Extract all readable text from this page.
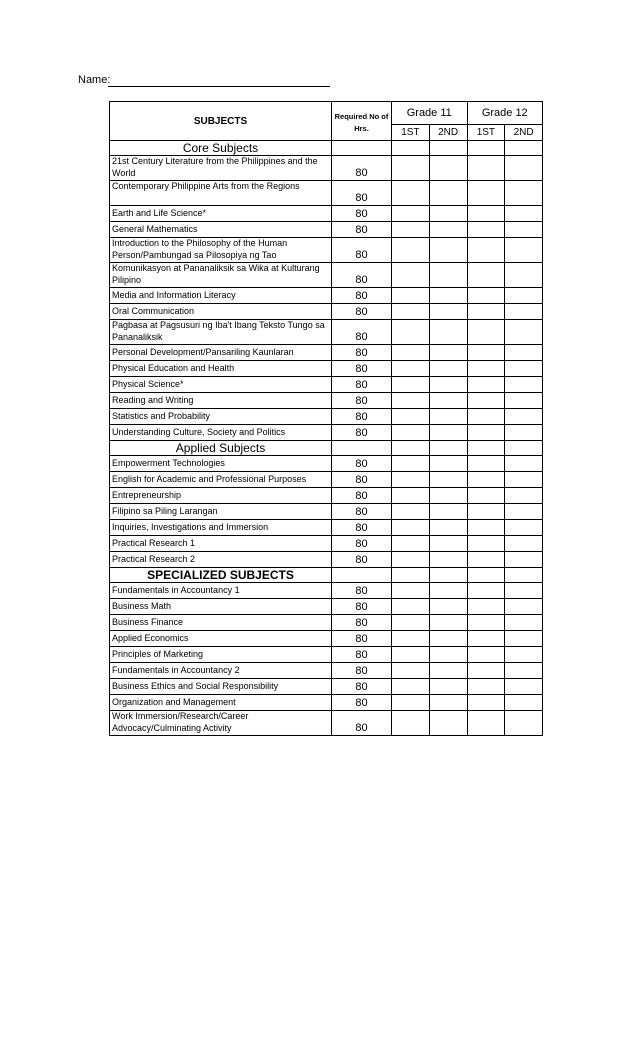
Name:
SUBJECTS	Required No of Hrs.	Grade 11		Grade 12	
		1ST	2ND	1ST	2ND
Core Subjects					
21st Century Literature from the Philippines and the World	80				
Contemporary Philippine Arts from the Regions	80				
Earth and Life Science*	80				
General Mathematics	80				
Introduction to the Philosophy of the Human Person/Pambungad sa Pilosopiya ng Tao	80				
Komunikasyon at Pananaliksik sa Wika at Kulturang Pilipino	80				
Media and Information Literacy	80				
Oral Communication	80				
Pagbasa at Pagsusuri ng Iba't Ibang Teksto Tungo sa Pananaliksik	80				
Personal Development/Pansariling Kaunlaran	80				
Physical Education and Health	80				
Physical Science*	80				
Reading and Writing	80				
Statistics and Probability	80				
Understanding Culture, Society and Politics	80				
Applied Subjects					
Empowerment Technologies	80				
English for Academic and Professional Purposes	80				
Entrepreneurship	80				
Filipino sa Piling Larangan	80				
Inquiries, Investigations and Immersion	80				
Practical Research 1	80				
Practical Research 2	80				
SPECIALIZED SUBJECTS					
Fundamentals in Accountancy 1	80				
Business Math	80				
Business Finance	80				
Applied Economics	80				
Principles of Marketing	80				
Fundamentals in Accountancy 2	80				
Business Ethics and Social Responsibility	80				
Organization and Management	80				
Work Immersion/Research/Career Advocacy/Culminating Activity	80				
